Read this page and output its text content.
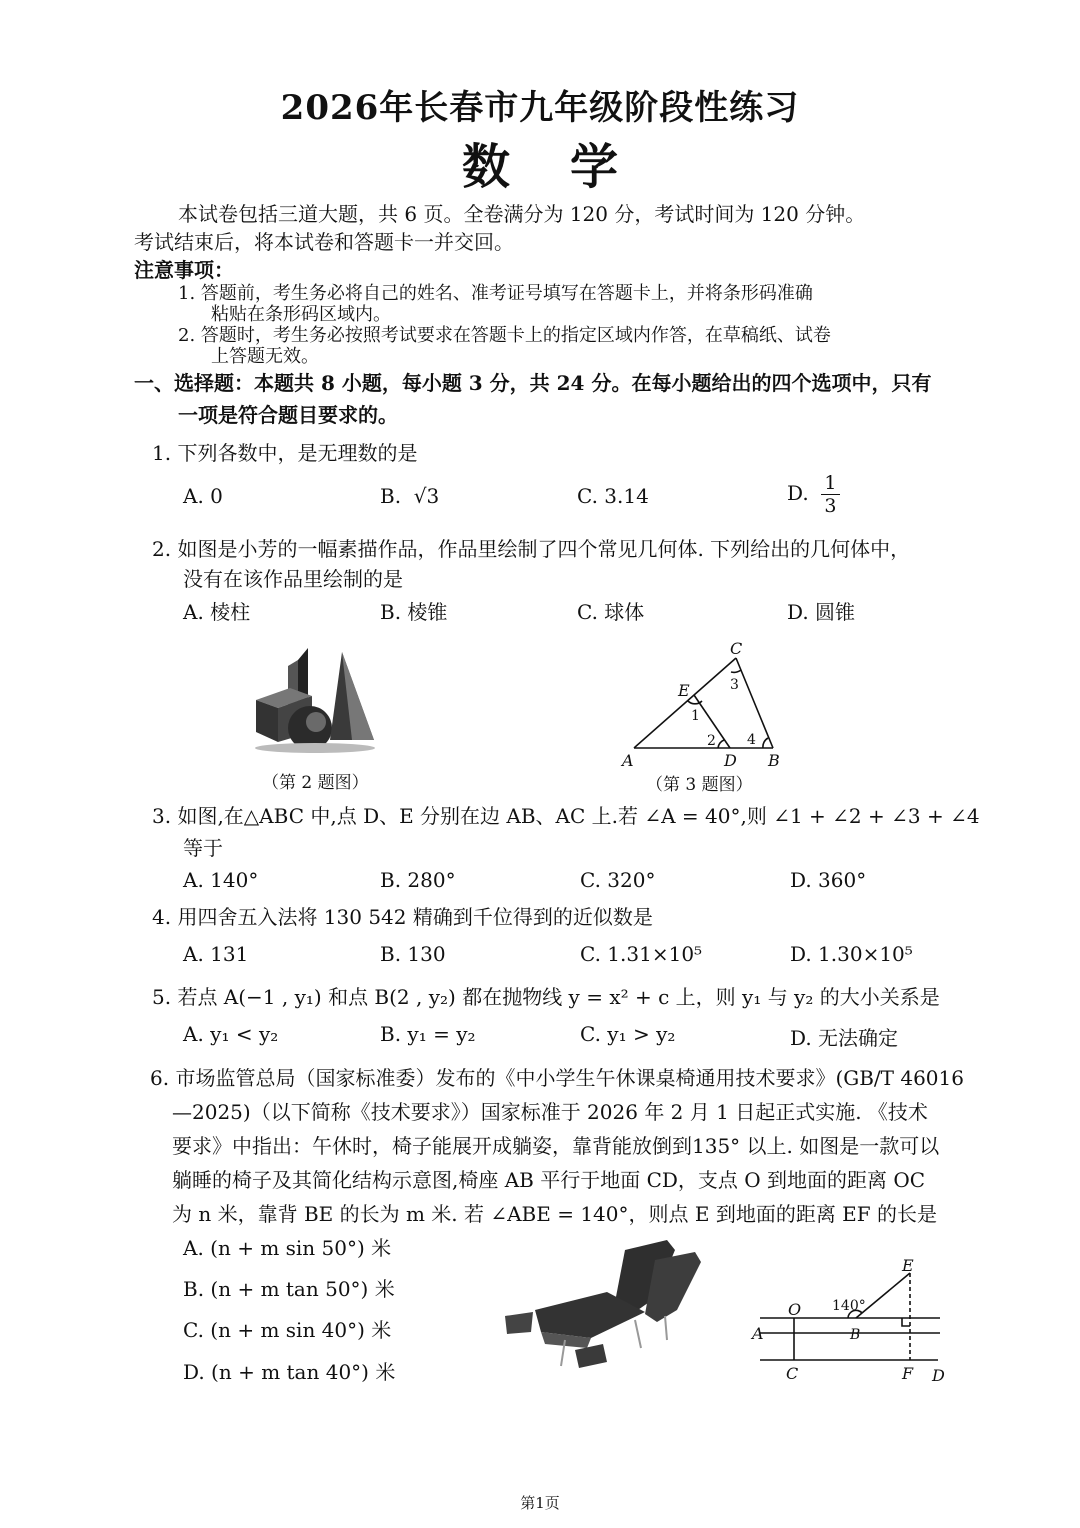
2026年长春市九年级阶段性练习
数学
本试卷包括三道大题，共 6 页。全卷满分为 120 分，考试时间为 120 分钟。
考试结束后，将本试卷和答题卡一并交回。
注意事项：
1. 答题前，考生务必将自己的姓名、准考证号填写在答题卡上，并将条形码准确
粘贴在条形码区域内。
2. 答题时，考生务必按照考试要求在答题卡上的指定区域内作答，在草稿纸、试卷
上答题无效。
一、选择题：本题共 8 小题，每小题 3 分，共 24 分。在每小题给出的四个选项中，只有
一项是符合题目要求的。
1. 下列各数中，是无理数的是
A. 0	B. √3	C. 3.14	D. $\frac{1}{3}$
2. 如图是小芳的一幅素描作品，作品里绘制了四个常见几何体. 下列给出的几何体中，
没有在该作品里绘制的是
A. 棱柱	B. 棱锥	C. 球体	D. 圆锥
（第 2 题图）
A	B
C
D
E
1
2
3
4
（第 3 题图）
3. 如图,在△ABC 中,点 D、E 分别在边 AB、AC 上.若 ∠A = 40°,则 ∠1 + ∠2 + ∠3 + ∠4
等于
A. 140°	B. 280°	C. 320°	D. 360°
4. 用四舍五入法将 130 542 精确到千位得到的近似数是
A. 131	B. 130	C. 1.31×10⁵	D. 1.30×10⁵
5. 若点 A(−1 , y₁) 和点 B(2 , y₂) 都在抛物线 y = x² + c 上，则 y₁ 与 y₂ 的大小关系是
A. y₁ < y₂	B. y₁ = y₂	C. y₁ > y₂	D. 无法确定
6. 市场监管总局（国家标准委）发布的《中小学生午休课桌椅通用技术要求》(GB/T 46016
—2025)（以下简称《技术要求》）国家标准于 2026 年 2 月 1 日起正式实施. 《技术
要求》中指出：午休时，椅子能展开成躺姿，靠背能放倒到135° 以上. 如图是一款可以
躺睡的椅子及其简化结构示意图,椅座 AB 平行于地面 CD，支点 O 到地面的距离 OC
为 n 米，靠背 BE 的长为 m 米. 若 ∠ABE = 140°，则点 E 到地面的距离 EF 的长是
A. (n + m sin 50°) 米
B. (n + m tan 50°) 米
C. (n + m sin 40°) 米
D. (n + m tan 40°) 米
A	B
C	D
E
F
O 140°
第1页
